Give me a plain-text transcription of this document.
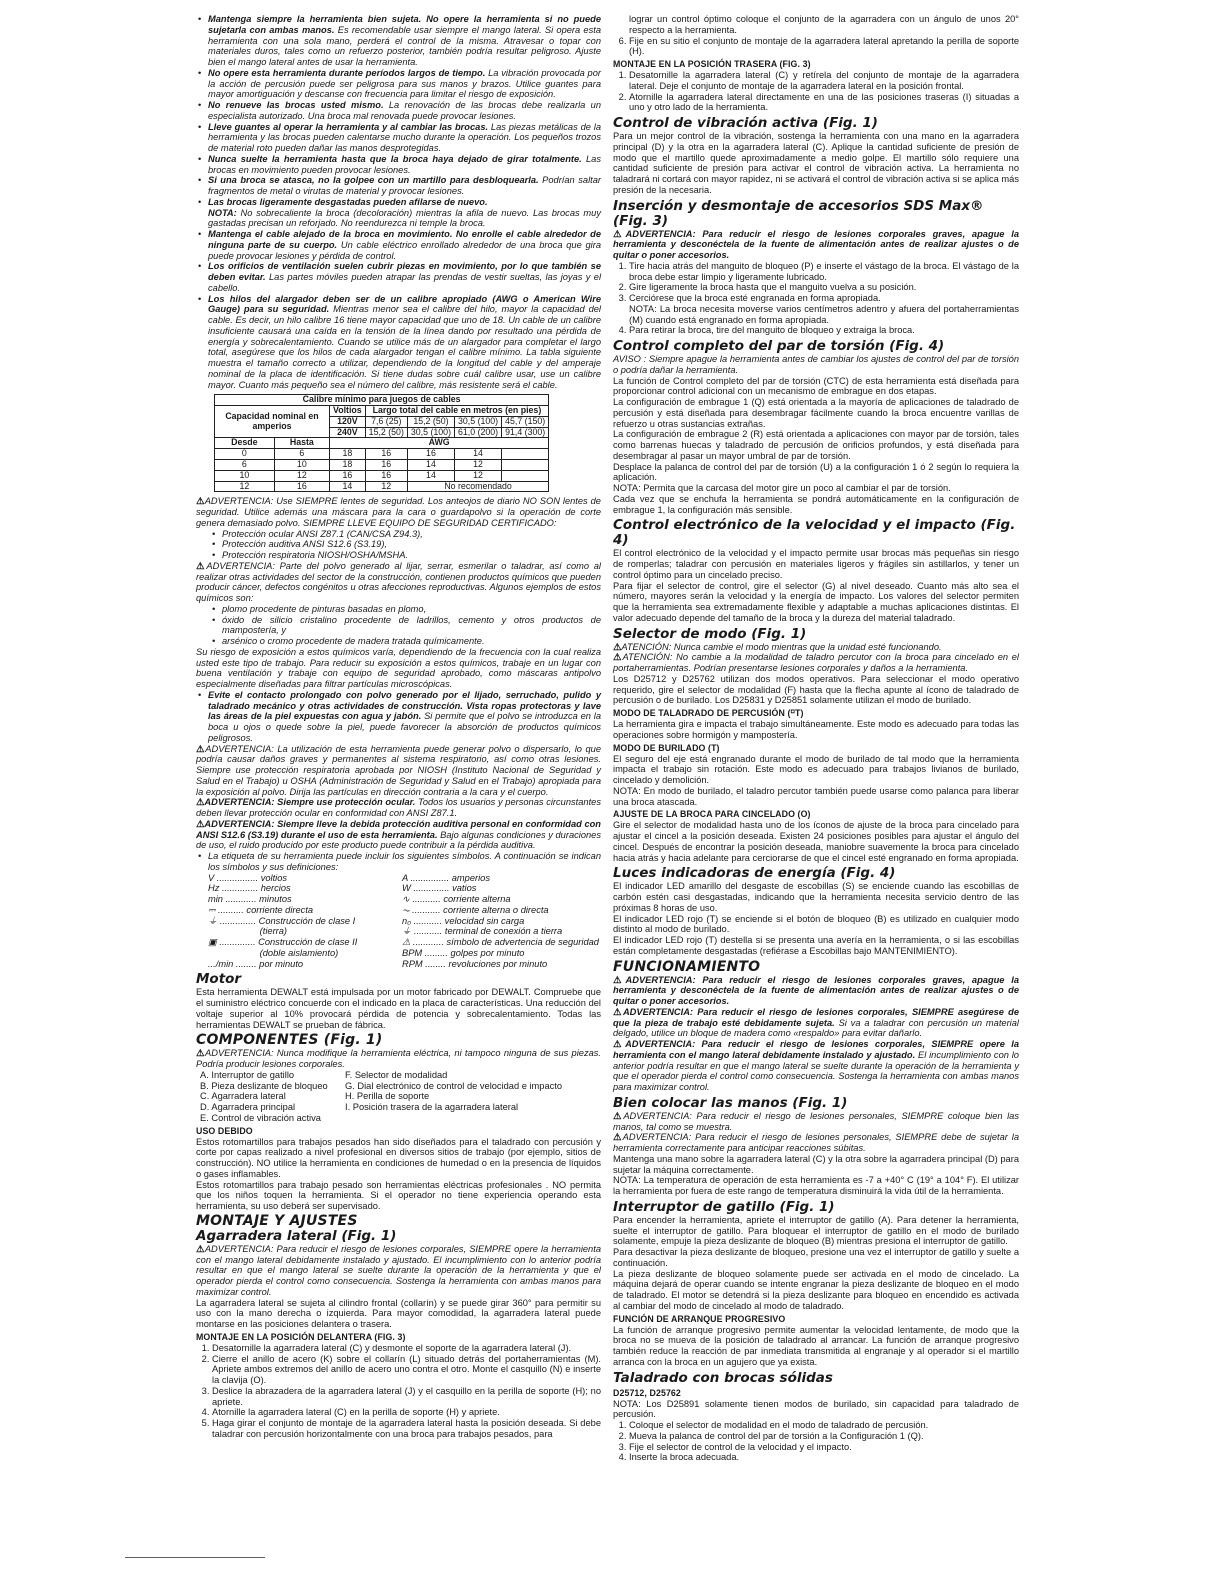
• Mantenga siempre la herramienta bien sujeta. No opere la herramienta si no puede sujetarla con ambas manos. Es recomendable usar siempre el mango lateral. Si opera esta herramienta con una sola mano, perderá el control de la misma. Atravesar o topar con materiales duros, tales como un refuerzo posterior, también podría resultar peligroso. Ajuste bien el mango lateral antes de usar la herramienta.
• No opere esta herramienta durante períodos largos de tiempo. La vibración provocada por la acción de percusión puede ser peligrosa para sus manos y brazos. Utilice guantes para mayor amortiguación y descanse con frecuencia para limitar el riesgo de exposición.
• No renueve las brocas usted mismo. La renovación de las brocas debe realizarla un especialista autorizado. Una broca mal renovada puede provocar lesiones.
• Lleve guantes al operar la herramienta y al cambiar las brocas. Las piezas metálicas de la herramienta y las brocas pueden calentarse mucho durante la operación. Los pequeños trozos de material roto pueden dañar las manos desprotegidas.
• Nunca suelte la herramienta hasta que la broca haya dejado de girar totalmente. Las brocas en movimiento pueden provocar lesiones.
• Si una broca se atasca, no la golpee con un martillo para desbloquearla. Podrían saltar fragmentos de metal o virutas de material y provocar lesiones.
• Las brocas ligeramente desgastadas pueden afilarse de nuevo.
NOTA: No sobrecaliente la broca (decoloración) mientras la afila de nuevo. Las brocas muy gastadas precisan un reforjado. No reendurezca ni temple la broca.
• Mantenga el cable alejado de la broca en movimiento. No enrolle el cable alrededor de ninguna parte de su cuerpo. Un cable eléctrico enrollado alrededor de una broca que gira puede provocar lesiones y pérdida de control.
• Los orificios de ventilación suelen cubrir piezas en movimiento, por lo que también se deben evitar. Las partes móviles pueden atrapar las prendas de vestir sueltas, las joyas y el cabello.
• Los hilos del alargador deben ser de un calibre apropiado (AWG o American Wire Gauge) para su seguridad. Mientras menor sea el calibre del hilo, mayor la capacidad del cable. Es decir, un hilo calibre 16 tiene mayor capacidad que uno de 18. Un cable de un calibre insuficiente causará una caída en la tensión de la línea dando por resultado una pérdida de energía y sobrecalentamiento. Cuando se utilice más de un alargador para completar el largo total, asegúrese que los hilos de cada alargador tengan el calibre mínimo. La tabla siguiente muestra el tamaño correcto a utilizar, dependiendo de la longitud del cable y del amperaje nominal de la placa de identificación. Si tiene dudas sobre cuál calibre usar, use un calibre mayor. Cuanto más pequeño sea el número del calibre, más resistente será el cable.
Calibre mínimo para juegos de cables						
Capacidad nominal en amperios		Voltios	Largo total del cable en metros (en pies)			
		120V	7,6 (25)	15,2 (50)	30,5 (100)	45,7 (150)
		240V	15,2 (50)	30,5 (100)	61,0 (200)	91,4 (300)
Desde	Hasta	AWG				
0	6	18	16	16	14	
6	10	18	16	14	12	
10	12	16	16	14	12	
12	16	14	12	No recomendado		

⚠ADVERTENCIA: Use SIEMPRE lentes de seguridad. Los anteojos de diario NO SON lentes de seguridad. Utilice además una máscara para la cara o guardapolvo si la operación de corte genera demasiado polvo. SIEMPRE LLEVE EQUIPO DE SEGURIDAD CERTIFICADO:

• Protección ocular ANSI Z87.1 (CAN/CSA Z94.3),
• Protección auditiva ANSI S12.6 (S3.19),
• Protección respiratoria NIOSH/OSHA/MSHA.

⚠ADVERTENCIA: Parte del polvo generado al lijar, serrar, esmerilar o taladrar, así como al realizar otras actividades del sector de la construcción, contienen productos químicos que pueden producir cáncer, defectos congénitos u otras afecciones reproductivas. Algunos ejemplos de estos químicos son:

• plomo procedente de pinturas basadas en plomo,
• óxido de silicio cristalino procedente de ladrillos, cemento y otros productos de mampostería, y
• arsénico o cromo procedente de madera tratada químicamente.

Su riesgo de exposición a estos químicos varía, dependiendo de la frecuencia con la cual realiza usted este tipo de trabajo. Para reducir su exposición a estos químicos, trabaje en un lugar con buena ventilación y trabaje con equipo de seguridad aprobado, como máscaras antipolvo especialmente diseñadas para filtrar partículas microscópicas.

• Evite el contacto prolongado con polvo generado por el lijado, serruchado, pulido y taladrado mecánico y otras actividades de construcción. Vista ropas protectoras y lave las áreas de la piel expuestas con agua y jabón. Si permite que el polvo se introduzca en la boca u ojos o quede sobre la piel, puede favorecer la absorción de productos químicos peligrosos.

⚠ADVERTENCIA: La utilización de esta herramienta puede generar polvo o dispersarlo, lo que podría causar daños graves y permanentes al sistema respiratorio, así como otras lesiones. Siempre use protección respiratoria aprobada por NIOSH (Instituto Nacional de Seguridad y Salud en el Trabajo) u OSHA (Administración de Seguridad y Salud en el Trabajo) apropiada para la exposición al polvo. Dirija las partículas en dirección contraria a la cara y el cuerpo.

⚠ADVERTENCIA: Siempre use protección ocular. Todos los usuarios y personas circunstantes deben llevar protección ocular en conformidad con ANSI Z87.1.

⚠ADVERTENCIA: Siempre lleve la debida protección auditiva personal en conformidad con ANSI S12.6 (S3.19) durante el uso de esta herramienta. Bajo algunas condiciones y duraciones de uso, el ruido producido por este producto puede contribuir a la pérdida auditiva.

• La etiqueta de su herramienta puede incluir los siguientes símbolos. A continuación se indican los símbolos y sus definiciones:
V ................ voltios	A ............... amperios
Hz .............. hercios	W .............. vatios
min ............ minutos	∿ ........... corriente alterna
⎓ .......... corriente directa	⏦ ........... corriente alterna o directa
⏚ .............. Construcción de clase I	n₀ ........... velocidad sin carga
(tierra)	⏚ ........... terminal de conexión a tierra
▣ .............. Construcción de clase II	⚠ ............ símbolo de advertencia de seguridad
(doble aislamiento)	BPM ......... golpes por minuto
.../min ........ por minuto	RPM ........ revoluciones por minuto
Motor

Esta herramienta DEWALT está impulsada por un motor fabricado por DEWALT. Compruebe que el suministro eléctrico concuerde con el indicado en la placa de características. Una reducción del voltaje superior al 10% provocará pérdida de potencia y sobrecalentamiento. Todas las herramientas DEWALT se prueban de fábrica.

COMPONENTES (Fig. 1)

⚠ADVERTENCIA: Nunca modifique la herramienta eléctrica, ni tampoco ninguna de sus piezas. Podría producir lesiones corporales.

A. Interruptor de gatillo	F. Selector de modalidad
B. Pieza deslizante de bloqueo	G. Dial electrónico de control de velocidad e impacto
C. Agarradera lateral	H. Perilla de soporte
D. Agarradera principal	I. Posición trasera de la agarradera lateral
E. Control de vibración activa
USO DEBIDO

Estos rotomartillos para trabajos pesados han sido diseñados para el taladrado con percusión y corte por capas realizado a nivel profesional en diversos sitios de trabajo (por ejemplo, sitios de construcción). NO utilice la herramienta en condiciones de humedad o en la presencia de líquidos o gases inflamables.

Estos rotomartillos para trabajo pesado son herramientas eléctricas profesionales . NO permita que los niños toquen la herramienta. Si el operador no tiene experiencia operando esta herramienta, su uso deberá ser supervisado.

MONTAJE Y AJUSTES
Agarradera lateral (Fig. 1)

⚠ADVERTENCIA: Para reducir el riesgo de lesiones corporales, SIEMPRE opere la herramienta con el mango lateral debidamente instalado y ajustado. El incumplimiento con lo anterior podría resultar en que el mango lateral se suelte durante la operación de la herramienta y que el operador pierda el control como consecuencia. Sostenga la herramienta con ambas manos para maximizar control.

La agarradera lateral se sujeta al cilindro frontal (collarín) y se puede girar 360° para permitir su uso con la mano derecha o izquierda. Para mayor comodidad, la agarradera lateral puede montarse en las posiciones delantera o trasera.

MONTAJE EN LA POSICIÓN DELANTERA (FIG. 3)
1. Desatornille la agarradera lateral (C) y desmonte el soporte de la agarradera lateral (J).
2. Cierre el anillo de acero (K) sobre el collarín (L) situado detrás del portaherramientas (M). Apriete ambos extremos del anillo de acero uno contra el otro. Monte el casquillo (N) e inserte la clavija (O).
3. Deslice la abrazadera de la agarradera lateral (J) y el casquillo en la perilla de soporte (H); no apriete.
4. Atornille la agarradera lateral (C) en la perilla de soporte (H) y apriete.
5. Haga girar el conjunto de montaje de la agarradera lateral hasta la posición deseada. Si debe taladrar con percusión horizontalmente con una broca para trabajos pesados, para

lograr un control óptimo coloque el conjunto de la agarradera con un ángulo de unos 20° respecto a la herramienta.

6. Fije en su sitio el conjunto de montaje de la agarradera lateral apretando la perilla de soporte (H).
MONTAJE EN LA POSICIÓN TRASERA (FIG. 3)
1. Desatornille la agarradera lateral (C) y retírela del conjunto de montaje de la agarradera lateral. Deje el conjunto de montaje de la agarradera lateral en la posición frontal.
2. Atornille la agarradera lateral directamente en una de las posiciones traseras (I) situadas a uno y otro lado de la herramienta.
Control de vibración activa (Fig. 1)

Para un mejor control de la vibración, sostenga la herramienta con una mano en la agarradera principal (D) y la otra en la agarradera lateral (C). Aplique la cantidad suficiente de presión de modo que el martillo quede aproximadamente a medio golpe. El martillo sólo requiere una cantidad suficiente de presión para activar el control de vibración activa. La herramienta no taladrará ni cortará con mayor rapidez, ni se activará el control de vibración activa si se aplica más presión de la necesaria.

Inserción y desmontaje de accesorios SDS Max® (Fig. 3)

⚠ADVERTENCIA: Para reducir el riesgo de lesiones corporales graves, apague la herramienta y desconéctela de la fuente de alimentación antes de realizar ajustes o de quitar o poner accesorios.

1. Tire hacia atrás del manguito de bloqueo (P) e inserte el vástago de la broca. El vástago de la broca debe estar limpio y ligeramente lubricado.
2. Gire ligeramente la broca hasta que el manguito vuelva a su posición.
3. Cerciórese que la broca esté engranada en forma apropiada.
NOTA: La broca necesita moverse varios centímetros adentro y afuera del portaherramientas (M) cuando está engranado en forma apropiada.
4. Para retirar la broca, tire del manguito de bloqueo y extraiga la broca.
Control completo del par de torsión (Fig. 4)

AVISO : Siempre apague la herramienta antes de cambiar los ajustes de control del par de torsión o podría dañar la herramienta.

La función de Control completo del par de torsión (CTC) de esta herramienta está diseñada para proporcionar control adicional con un mecanismo de embrague en dos etapas.

La configuración de embrague 1 (Q) está orientada a la mayoría de aplicaciones de taladrado de percusión y está diseñada para desembragar fácilmente cuando la broca encuentre varillas de refuerzo u otras sustancias extrañas.

La configuración de embrague 2 (R) está orientada a aplicaciones con mayor par de torsión, tales como barrenas huecas y taladrado de percusión de orificios profundos, y está diseñada para desembragar al pasar un mayor umbral de par de torsión.

Desplace la palanca de control del par de torsión (U) a la configuración 1 ó 2 según lo requiera la aplicación.

NOTA: Permita que la carcasa del motor gire un poco al cambiar el par de torsión.

Cada vez que se enchufa la herramienta se pondrá automáticamente en la configuración de embrague 1, la configuración más sensible.

Control electrónico de la velocidad y el impacto (Fig. 4)

El control electrónico de la velocidad y el impacto permite usar brocas más pequeñas sin riesgo de romperlas; taladrar con percusión en materiales ligeros y frágiles sin astillarlos, y tener un control óptimo para un cincelado preciso.

Para fijar el selector de control, gire el selector (G) al nivel deseado. Cuanto más alto sea el número, mayores serán la velocidad y la energía de impacto. Los valores del selector permiten que la herramienta sea extremadamente flexible y adaptable a muchas aplicaciones distintas. El valor adecuado depende del tamaño de la broca y la dureza del material taladrado.

Selector de modo (Fig. 1)

⚠ATENCIÓN: Nunca cambie el modo mientras que la unidad esté funcionando.

⚠ATENCIÓN: No cambie a la modalidad de taladro percutor con la broca para cincelado en el portaherramientas. Podrían presentarse lesiones corporales y daños a la herramienta.

Los D25712 y D25762 utilizan dos modos operativos. Para seleccionar el modo operativo requerido, gire el selector de modalidad (F) hasta que la flecha apunte al ícono de taladrado de percusión o de burilado. Los D25831 y D25851 solamente utilizan el modo de burilado.

MODO DE TALADRADO DE PERCUSIÓN (⸋T)

La herramienta gira e impacta el trabajo simultáneamente. Este modo es adecuado para todas las operaciones sobre hormigón y mampostería.

MODO DE BURILADO (T)

El seguro del eje está engranado durante el modo de burilado de tal modo que la herramienta impacta el trabajo sin rotación. Este modo es adecuado para trabajos livianos de burilado, cincelado y demolición.

NOTA: En modo de burilado, el taladro percutor también puede usarse como palanca para liberar una broca atascada.

AJUSTE DE LA BROCA PARA CINCELADO (O)

Gire el selector de modalidad hasta uno de los íconos de ajuste de la broca para cincelado para ajustar el cincel a la posición deseada. Existen 24 posiciones posibles para ajustar el ángulo del cincel. Después de encontrar la posición deseada, maniobre suavemente la broca para cincelado hacia atrás y hacia adelante para cerciorarse de que el cincel esté engranado en forma apropiada.

Luces indicadoras de energía (Fig. 4)

El indicador LED amarillo del desgaste de escobillas (S) se enciende cuando las escobillas de carbón estén casi desgastadas, indicando que la herramienta necesita servicio dentro de las próximas 8 horas de uso.

El indicador LED rojo (T) se enciende si el botón de bloqueo (B) es utilizado en cualquier modo distinto al modo de burilado.

El indicador LED rojo (T) destella si se presenta una avería en la herramienta, o si las escobillas están completamente desgastadas (refiérase a Escobillas bajo MANTENIMIENTO).

FUNCIONAMIENTO

⚠ADVERTENCIA: Para reducir el riesgo de lesiones corporales graves, apague la herramienta y desconéctela de la fuente de alimentación antes de realizar ajustes o de quitar o poner accesorios.

⚠ADVERTENCIA: Para reducir el riesgo de lesiones corporales, SIEMPRE asegúrese de que la pieza de trabajo esté debidamente sujeta. Si va a taladrar con percusión un material delgado, utilice un bloque de madera como «respaldo» para evitar dañarlo.

⚠ADVERTENCIA: Para reducir el riesgo de lesiones corporales, SIEMPRE opere la herramienta con el mango lateral debidamente instalado y ajustado. El incumplimiento con lo anterior podría resultar en que el mango lateral se suelte durante la operación de la herramienta y que el operador pierda el control como consecuencia. Sostenga la herramienta con ambas manos para maximizar control.

Bien colocar las manos (Fig. 1)

⚠ADVERTENCIA: Para reducir el riesgo de lesiones personales, SIEMPRE coloque bien las manos, tal como se muestra.

⚠ADVERTENCIA: Para reducir el riesgo de lesiones personales, SIEMPRE debe de sujetar la herramienta correctamente para anticipar reacciones súbitas.

Mantenga una mano sobre la agarradera lateral (C) y la otra sobre la agarradera principal (D) para sujetar la máquina correctamente.

NOTA: La temperatura de operación de esta herramienta es -7 a +40° C (19° a 104° F). El utilizar la herramienta por fuera de este rango de temperatura disminuirá la vida útil de la herramienta.

Interruptor de gatillo (Fig. 1)

Para encender la herramienta, apriete el interruptor de gatillo (A). Para detener la herramienta, suelte el interruptor de gatillo. Para bloquear el interruptor de gatillo en el modo de burilado solamente, empuje la pieza deslizante de bloqueo (B) mientras presiona el interruptor de gatillo.

Para desactivar la pieza deslizante de bloqueo, presione una vez el interruptor de gatillo y suelte a continuación.

La pieza deslizante de bloqueo solamente puede ser activada en el modo de cincelado. La máquina dejará de operar cuando se intente engranar la pieza deslizante de bloqueo en el modo de taladrado. El motor se detendrá si la pieza deslizante para bloqueo en encendido es activada al cambiar del modo de cincelado al modo de taladrado.

FUNCIÓN DE ARRANQUE PROGRESIVO

La función de arranque progresivo permite aumentar la velocidad lentamente, de modo que la broca no se mueva de la posición de taladrado al arrancar. La función de arranque progresivo también reduce la reacción de par inmediata transmitida al engranaje y al operador si el martillo arranca con la broca en un agujero que ya exista.

Taladrado con brocas sólidas
D25712, D25762

NOTA: Los D25891 solamente tienen modos de burilado, sin capacidad para taladrado de percusión.

1. Coloque el selector de modalidad en el modo de taladrado de percusión.
2. Mueva la palanca de control del par de torsión a la Configuración 1 (Q).
3. Fije el selector de control de la velocidad y el impacto.
4. Inserte la broca adecuada.
